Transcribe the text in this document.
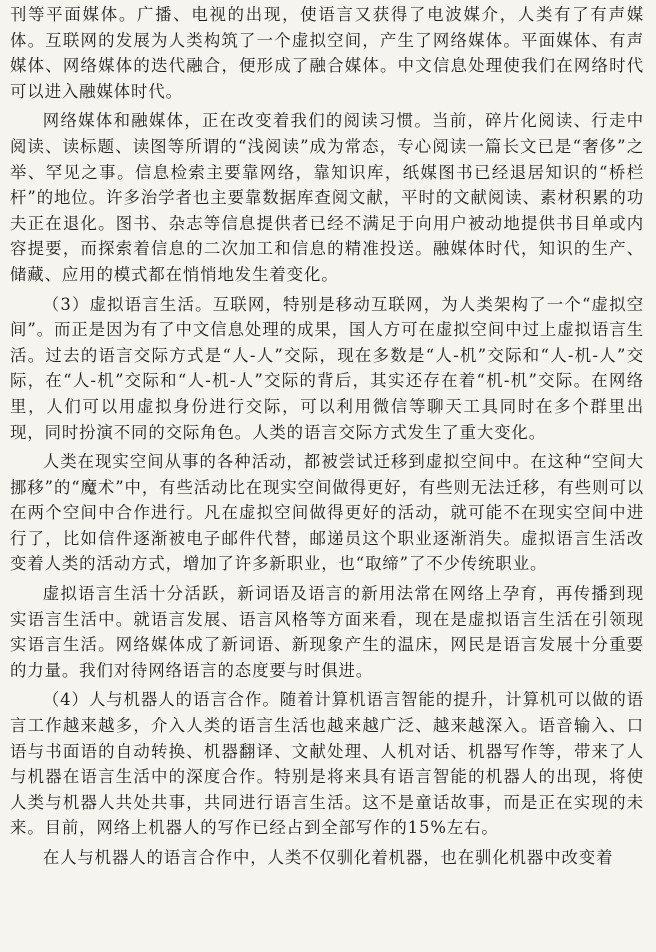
刊等平面媒体。广播、电视的出现，使语言又获得了电波媒介，人类有了有声媒体。互联网的发展为人类构筑了一个虚拟空间，产生了网络媒体。平面媒体、有声媒体、网络媒体的迭代融合，便形成了融合媒体。中文信息处理使我们在网络时代可以进入融媒体时代。

网络媒体和融媒体，正在改变着我们的阅读习惯。当前，碎片化阅读、行走中阅读、读标题、读图等所谓的“浅阅读”成为常态，专心阅读一篇长文已是“奢侈”之举、罕见之事。信息检索主要靠网络，靠知识库，纸媒图书已经退居知识的“桥栏杆”的地位。许多治学者也主要靠数据库查阅文献，平时的文献阅读、素材积累的功夫正在退化。图书、杂志等信息提供者已经不满足于向用户被动地提供书目单或内容提要，而探索着信息的二次加工和信息的精准投送。融媒体时代，知识的生产、储藏、应用的模式都在悄悄地发生着变化。

（3）虚拟语言生活。互联网，特别是移动互联网，为人类架构了一个“虚拟空间”。而正是因为有了中文信息处理的成果，国人方可在虚拟空间中过上虚拟语言生活。过去的语言交际方式是“人-人”交际，现在多数是“人-机”交际和“人-机-人”交际，在“人-机”交际和“人-机-人”交际的背后，其实还存在着“机-机”交际。在网络里，人们可以用虚拟身份进行交际，可以利用微信等聊天工具同时在多个群里出现，同时扮演不同的交际角色。人类的语言交际方式发生了重大变化。

人类在现实空间从事的各种活动，都被尝试迁移到虚拟空间中。在这种“空间大挪移”的“魔术”中，有些活动比在现实空间做得更好，有些则无法迁移，有些则可以在两个空间中合作进行。凡在虚拟空间做得更好的活动，就可能不在现实空间中进行了，比如信件逐渐被电子邮件代替，邮递员这个职业逐渐消失。虚拟语言生活改变着人类的活动方式，增加了许多新职业，也“取缔”了不少传统职业。

虚拟语言生活十分活跃，新词语及语言的新用法常在网络上孕育，再传播到现实语言生活中。就语言发展、语言风格等方面来看，现在是虚拟语言生活在引领现实语言生活。网络媒体成了新词语、新现象产生的温床，网民是语言发展十分重要的力量。我们对待网络语言的态度要与时俱进。

（4）人与机器人的语言合作。随着计算机语言智能的提升，计算机可以做的语言工作越来越多，介入人类的语言生活也越来越广泛、越来越深入。语音输入、口语与书面语的自动转换、机器翻译、文献处理、人机对话、机器写作等，带来了人与机器在语言生活中的深度合作。特别是将来具有语言智能的机器人的出现，将使人类与机器人共处共事，共同进行语言生活。这不是童话故事，而是正在实现的未来。目前，网络上机器人的写作已经占到全部写作的15%左右。

在人与机器人的语言合作中，人类不仅驯化着机器，也在驯化机器中改变着
